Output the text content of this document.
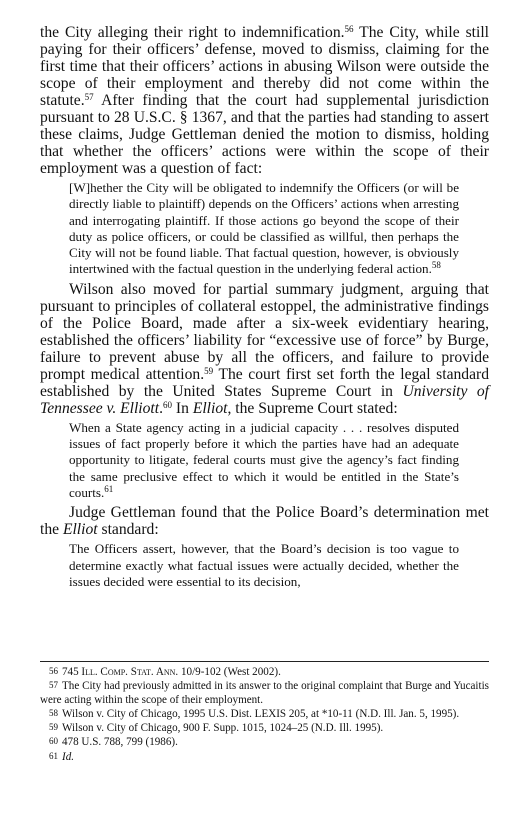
the City alleging their right to indemnification.$^{56}$ The City, while still paying for their officers’ defense, moved to dismiss, claiming for the first time that their officers’ actions in abusing Wilson were outside the scope of their employment and thereby did not come within the statute.$^{57}$ After finding that the court had supplemental jurisdiction pursuant to 28 U.S.C. § 1367, and that the parties had standing to assert these claims, Judge Gettleman denied the motion to dismiss, holding that whether the officers’ actions were within the scope of their employment was a question of fact:

[W]hether the City will be obligated to indemnify the Officers (or will be directly liable to plaintiff) depends on the Officers’ actions when arresting and interrogating plaintiff. If those actions go beyond the scope of their duty as police officers, or could be classified as willful, then perhaps the City will not be found liable. That factual question, however, is obviously intertwined with the factual question in the underlying federal action.$^{58}$

Wilson also moved for partial summary judgment, arguing that pursuant to principles of collateral estoppel, the administrative findings of the Police Board, made after a six-week evidentiary hearing, established the officers’ liability for “excessive use of force” by Burge, failure to prevent abuse by all the officers, and failure to provide prompt medical attention.$^{59}$ The court first set forth the legal standard established by the United States Supreme Court in University of Tennessee v. Elliott.$^{60}$ In Elliot, the Supreme Court stated:

When a State agency acting in a judicial capacity . . . resolves disputed issues of fact properly before it which the parties have had an adequate opportunity to litigate, federal courts must give the agency’s fact finding the same preclusive effect to which it would be entitled in the State’s courts.$^{61}$

Judge Gettleman found that the Police Board’s determination met the Elliot standard:

The Officers assert, however, that the Board’s decision is too vague to determine exactly what factual issues were actually decided, whether the issues decided were essential to its decision,

56 745 Ill. Comp. Stat. Ann. 10/9-102 (West 2002).

57 The City had previously admitted in its answer to the original complaint that Burge and Yucaitis were acting within the scope of their employment.

58 Wilson v. City of Chicago, 1995 U.S. Dist. LEXIS 205, at *10-11 (N.D. Ill. Jan. 5, 1995).

59 Wilson v. City of Chicago, 900 F. Supp. 1015, 1024–25 (N.D. Ill. 1995).

60 478 U.S. 788, 799 (1986).

61 Id.
